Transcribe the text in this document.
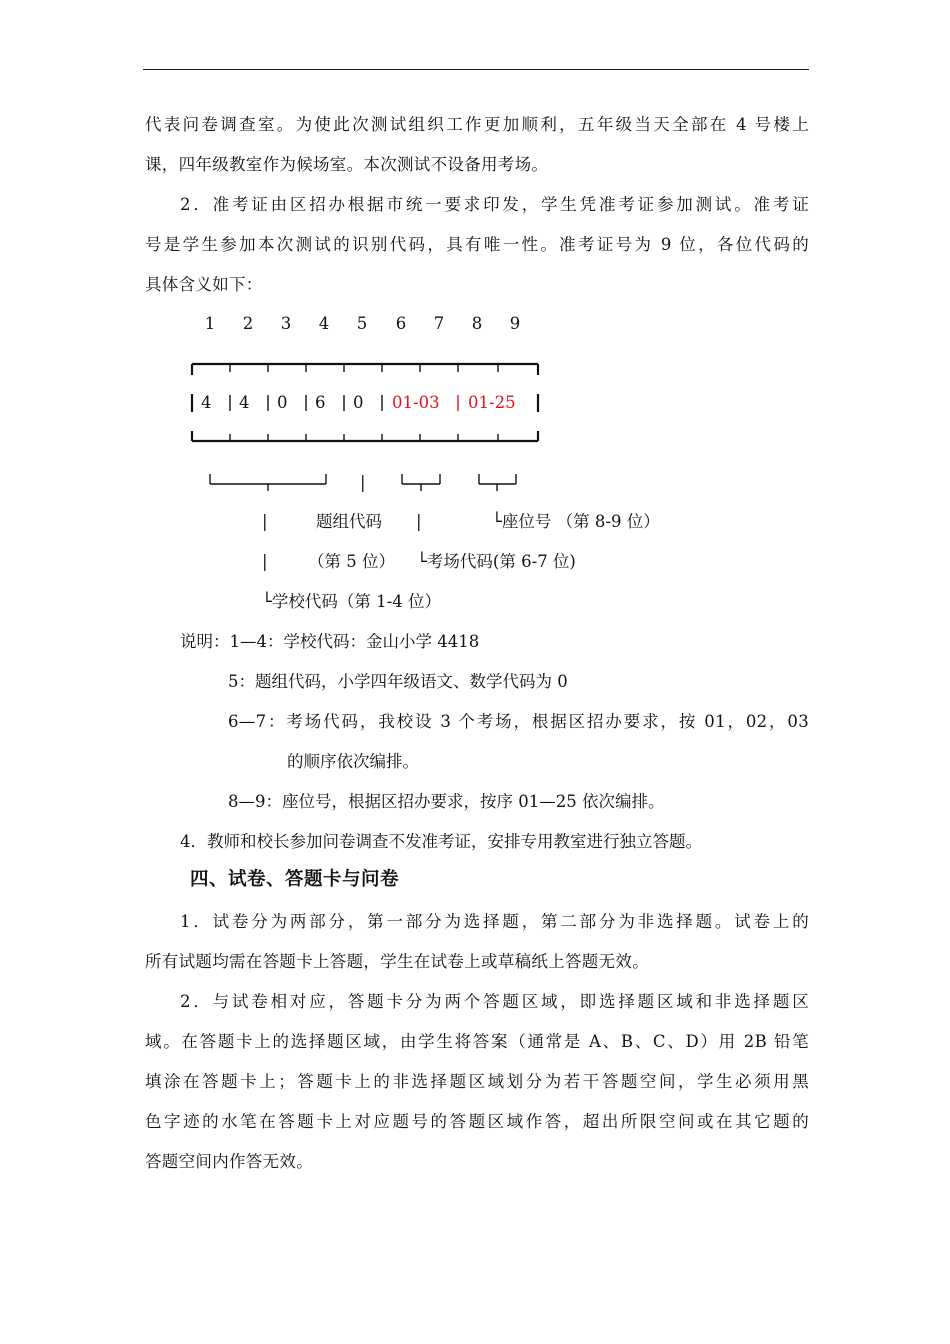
代表问卷调查室。为使此次测试组织工作更加顺利，五年级当天全部在 4 号楼上
课，四年级教室作为候场室。本次测试不设备用考场。
2．准考证由区招办根据市统一要求印发，学生凭准考证参加测试。准考证
号是学生参加本次测试的识别代码，具有唯一性。准考证号为 9 位，各位代码的
具体含义如下：
1 2 3 4 5 6 7 8 9
4 4 0 6 0 01-03 01-25
|
|	题组代码 |	└座位号 （第 8-9 位）
| （第 5 位） └考场代码(第 6-7 位)
└学校代码（第 1-4 位）
说明：1—4：学校代码：金山小学 4418
5：题组代码，小学四年级语文、数学代码为 0
6—7：考场代码，我校设 3 个考场，根据区招办要求，按 01，02，03
的顺序依次编排。
8—9：座位号，根据区招办要求，按序 01—25 依次编排。
4．教师和校长参加问卷调查不发准考证，安排专用教室进行独立答题。
四、试卷、答题卡与问卷
1．试卷分为两部分，第一部分为选择题，第二部分为非选择题。试卷上的
所有试题均需在答题卡上答题，学生在试卷上或草稿纸上答题无效。
2．与试卷相对应，答题卡分为两个答题区域，即选择题区域和非选择题区
域。在答题卡上的选择题区域，由学生将答案（通常是 A、B、C、D）用 2B 铅笔
填涂在答题卡上；答题卡上的非选择题区域划分为若干答题空间，学生必须用黑
色字迹的水笔在答题卡上对应题号的答题区域作答，超出所限空间或在其它题的
答题空间内作答无效。
